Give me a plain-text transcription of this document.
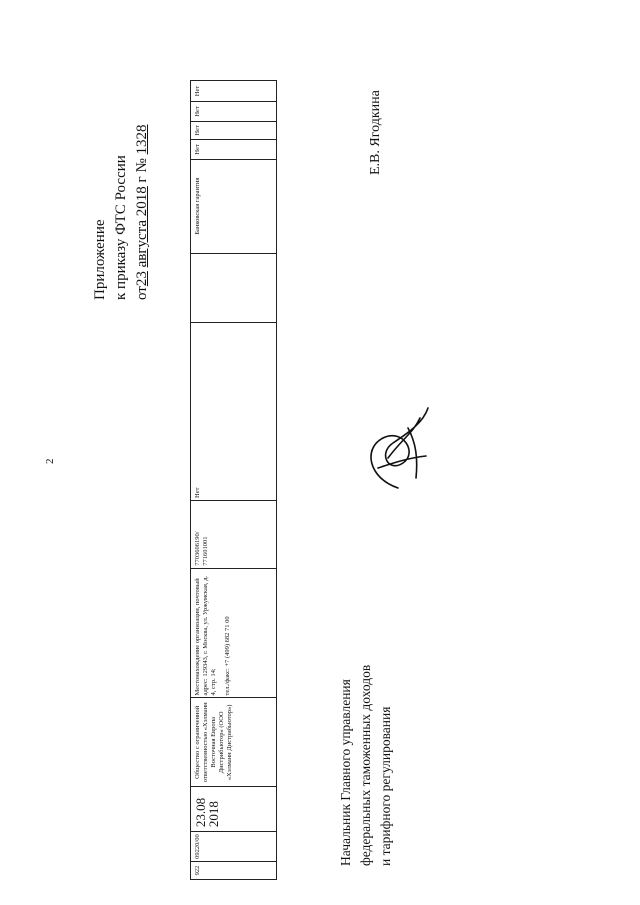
2
Приложение к приказу ФТС России от23 августа 2018 г № 1328
922
09220/00
23.08
2018
Общество с ограниченной ответственностью «Хэлманн Восточная Европа Дистрибьютор» (ООО «Хэлманн Дистрибьютор»)
Местонахождение организации, почтовый адрес: 129343, г. Москва, ул. Уржумская, д. 4, стр. 14; тел./факс: +7 (499) 682 71 00
7703606190/ 771601001
Нет
Банковская гарантия
Нет
Нет
Нет
Нет	Е.В. Ягодкина
Начальник Главного управления федеральных таможенных доходов и тарифного регулирования
